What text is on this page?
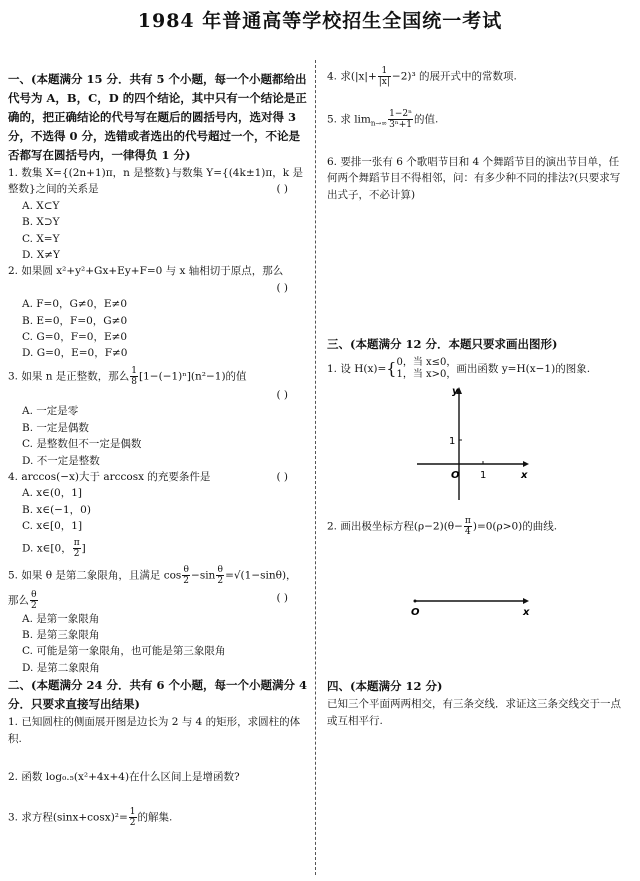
1984 年普通高等学校招生全国统一考试

一、(本题满分 15 分．共有 5 个小题，每一个小题都给出代号为 A，B，C，D 的四个结论，其中只有一个结论是正确的，把正确结论的代号写在题后的圆括号内，选对得 3 分，不选得 0 分，选错或者选出的代号超过一个，不论是否都写在圆括号内，一律得负 1 分)

1. 数集 X={(2n+1)π，n 是整数}与数集 Y={(4k±1)π，k 是整数}之间的关系是	( )

A. X⊂Y

B. X⊃Y

C. X=Y

D. X≠Y

2. 如果圆 x²+y²+Gx+Ey+F=0 与 x 轴相切于原点，那么
( )

A. F=0，G≠0，E≠0

B. E=0，F=0，G≠0

C. G=0，F=0，E≠0

D. G=0，E=0，F≠0

3. 如果 n 是正整数，那么 $\frac{1}{8} [1-(-1)^n](n^2-1)$的值

( )

A. 一定是零

B. 一定是偶数

C. 是整数但不一定是偶数

D. 不一定是整数

4. arccos(−x)大于 arccosx 的充要条件是	( )

A. x∈(0，1]

B. x∈(−1，0)

C. x∈[0，1]

D. x∈[0， $\frac{\pi}{2}$ ]

5. 如果 θ 是第二象限角，且满足 $\cos \frac{\theta}{2} -\sin \frac{\theta}{2} =√(1-\sin\theta)$，

那么 $\frac{\theta}{2}$	( )

A. 是第一象限角

B. 是第三象限角

C. 可能是第一象限角，也可能是第三象限角

D. 是第二象限角

二、(本题满分 24 分．共有 6 个小题，每一个小题满分 4 分．只要求直接写出结果)

1. 已知圆柱的侧面展开图是边长为 2 与 4 的矩形，求圆柱的体积.

2. 函数 log₀.₅(x²+4x+4)在什么区间上是增函数?

3. 求方程$(\sin x+\cos x)^2= \frac{1}{2}$ 的解集.

4. 求$(|x|+ \frac{1}{|x|} -2)^3$ 的展开式中的常数项.

5. 求 $\lim_{n\to\infty} \frac{\text{1−2ⁿ}}{\text{3ⁿ+1}}$ 的值.

6. 要排一张有 6 个歌唱节目和 4 个舞蹈节目的演出节目单，任何两个舞蹈节目不得相邻，问：有多少种不同的排法?(只要求写出式子，不必计算)

三、(本题满分 12 分．本题只要求画出图形)

1. 设 H(x)={ 0，当 x≤0，
1，当 x>0， 画出函数 y=H(x−1)的图象.

y
x
O 1
1

2. 画出极坐标方程$(\rho-2)(\theta- \frac{\pi}{4} )=0(\rho>0)$的曲线.

O	x

四、(本题满分 12 分)

已知三个平面两两相交，有三条交线．求证这三条交线交于一点或互相平行.
